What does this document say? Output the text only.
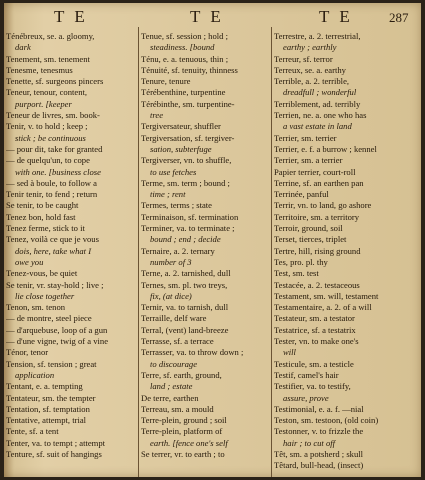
T E	T E	T E	287
Ténébreux, se. a. gloomy,
dark
Tenement, sm. tenement
Tenesme, tenesmus
Tenette, sf. surgeons pincers
Teneur, tenour, content,
purport. [keeper
Teneur de livres, sm. book-
Tenir, v. to hold ; keep ;
stick ; be continuous
— pour dit, take for granted
— de quelqu'un, to cope
with one. [business close
— sed à boule, to follow a
Tenir tenir, to fend ; return
Se tenir, to be caught
Tenez bon, hold fast
Tenez ferme, stick to it
Tenez, voilà ce que je vous
dois, here, take what I
owe you
Tenez-vous, be quiet
Se tenir, vr. stay-hold ; live ;
lie close together
Tenon, sm. tenon
— de montre, steel piece
— d'arquebuse, loop of a gun
— d'une vigne, twig of a vine
Ténor, tenor
Tension, sf. tension ; great
application
Tentant, e. a. tempting
Tentateur, sm. the tempter
Tentation, sf. temptation
Tentative, attempt, trial
Tente, sf. a tent
Tenter, va. to tempt ; attempt
Tenture, sf. suit of hangings
Tenue, sf. session ; hold ;
steadiness. [bound
Ténu, e. a. tenuous, thin ;
Ténuité, sf. tenuity, thinness
Tenure, tenure
Térébenthine, turpentine
Térébinthe, sm. turpentine-
tree
Tergiversateur, shuffler
Tergiversation, sf. tergiver-
sation, subterfuge
Tergiverser, vn. to shuffle,
to use fetches
Terme, sm. term ; bound ;
time ; rent
Termes, terms ; state
Terminaison, sf. termination
Terminer, va. to terminate ;
bound ; end ; decide
Ternaire, a. 2. ternary
number of 3
Terne, a. 2. tarnished, dull
Ternes, sm. pl. two treys,
fix, (at dice)
Ternir, va. to tarnish, dull
Terraille, delf ware
Terral, (vent) land-breeze
Terrasse, sf. a terrace
Terrasser, va. to throw down ;
to discourage
Terre, sf. earth, ground,
land ; estate
De terre, earthen
Terreau, sm. a mould
Terre-plein, ground ; soil
Terre-plein, platform of
earth. [fence one's self
Se terrer, vr. to earth ; to
Terrestre, a. 2. terrestrial,
earthy ; earthly
Terreur, sf. terror
Terreux, se. a. earthy
Terrible, a. 2. terrible,
dreadfull ; wonderful
Terriblement, ad. terribly
Terrien, ne. a. one who has
a vast estate in land
Terrier, sm. terrier
Terrier, e. f. a burrow ; kennel
Terrier, sm. a terrier
Papier terrier, court-roll
Terrine, sf. an earthen pan
Terrinée, panful
Terrir, vn. to land, go ashore
Territoire, sm. a territory
Terroir, ground, soil
Terset, tierces, triplet
Tertre, hill, rising ground
Tes, pro. pl. thy
Test, sm. test
Testacée, a. 2. testaceous
Testament, sm. will, testament
Testamentaire, a. 2. of a will
Testateur, sm. a testator
Testatrice, sf. a testatrix
Tester, vn. to make one's
will
Testicule, sm. a testicle
Testif, camel's hair
Testifier, va. to testify,
assure, prove
Testimonial, e. a. f. —nial
Teston, sm. testoon, (old coin)
Testonner, v. to frizzle the
hair ; to cut off
Têt, sm. a potsherd ; skull
Têtard, bull-head, (insect)
